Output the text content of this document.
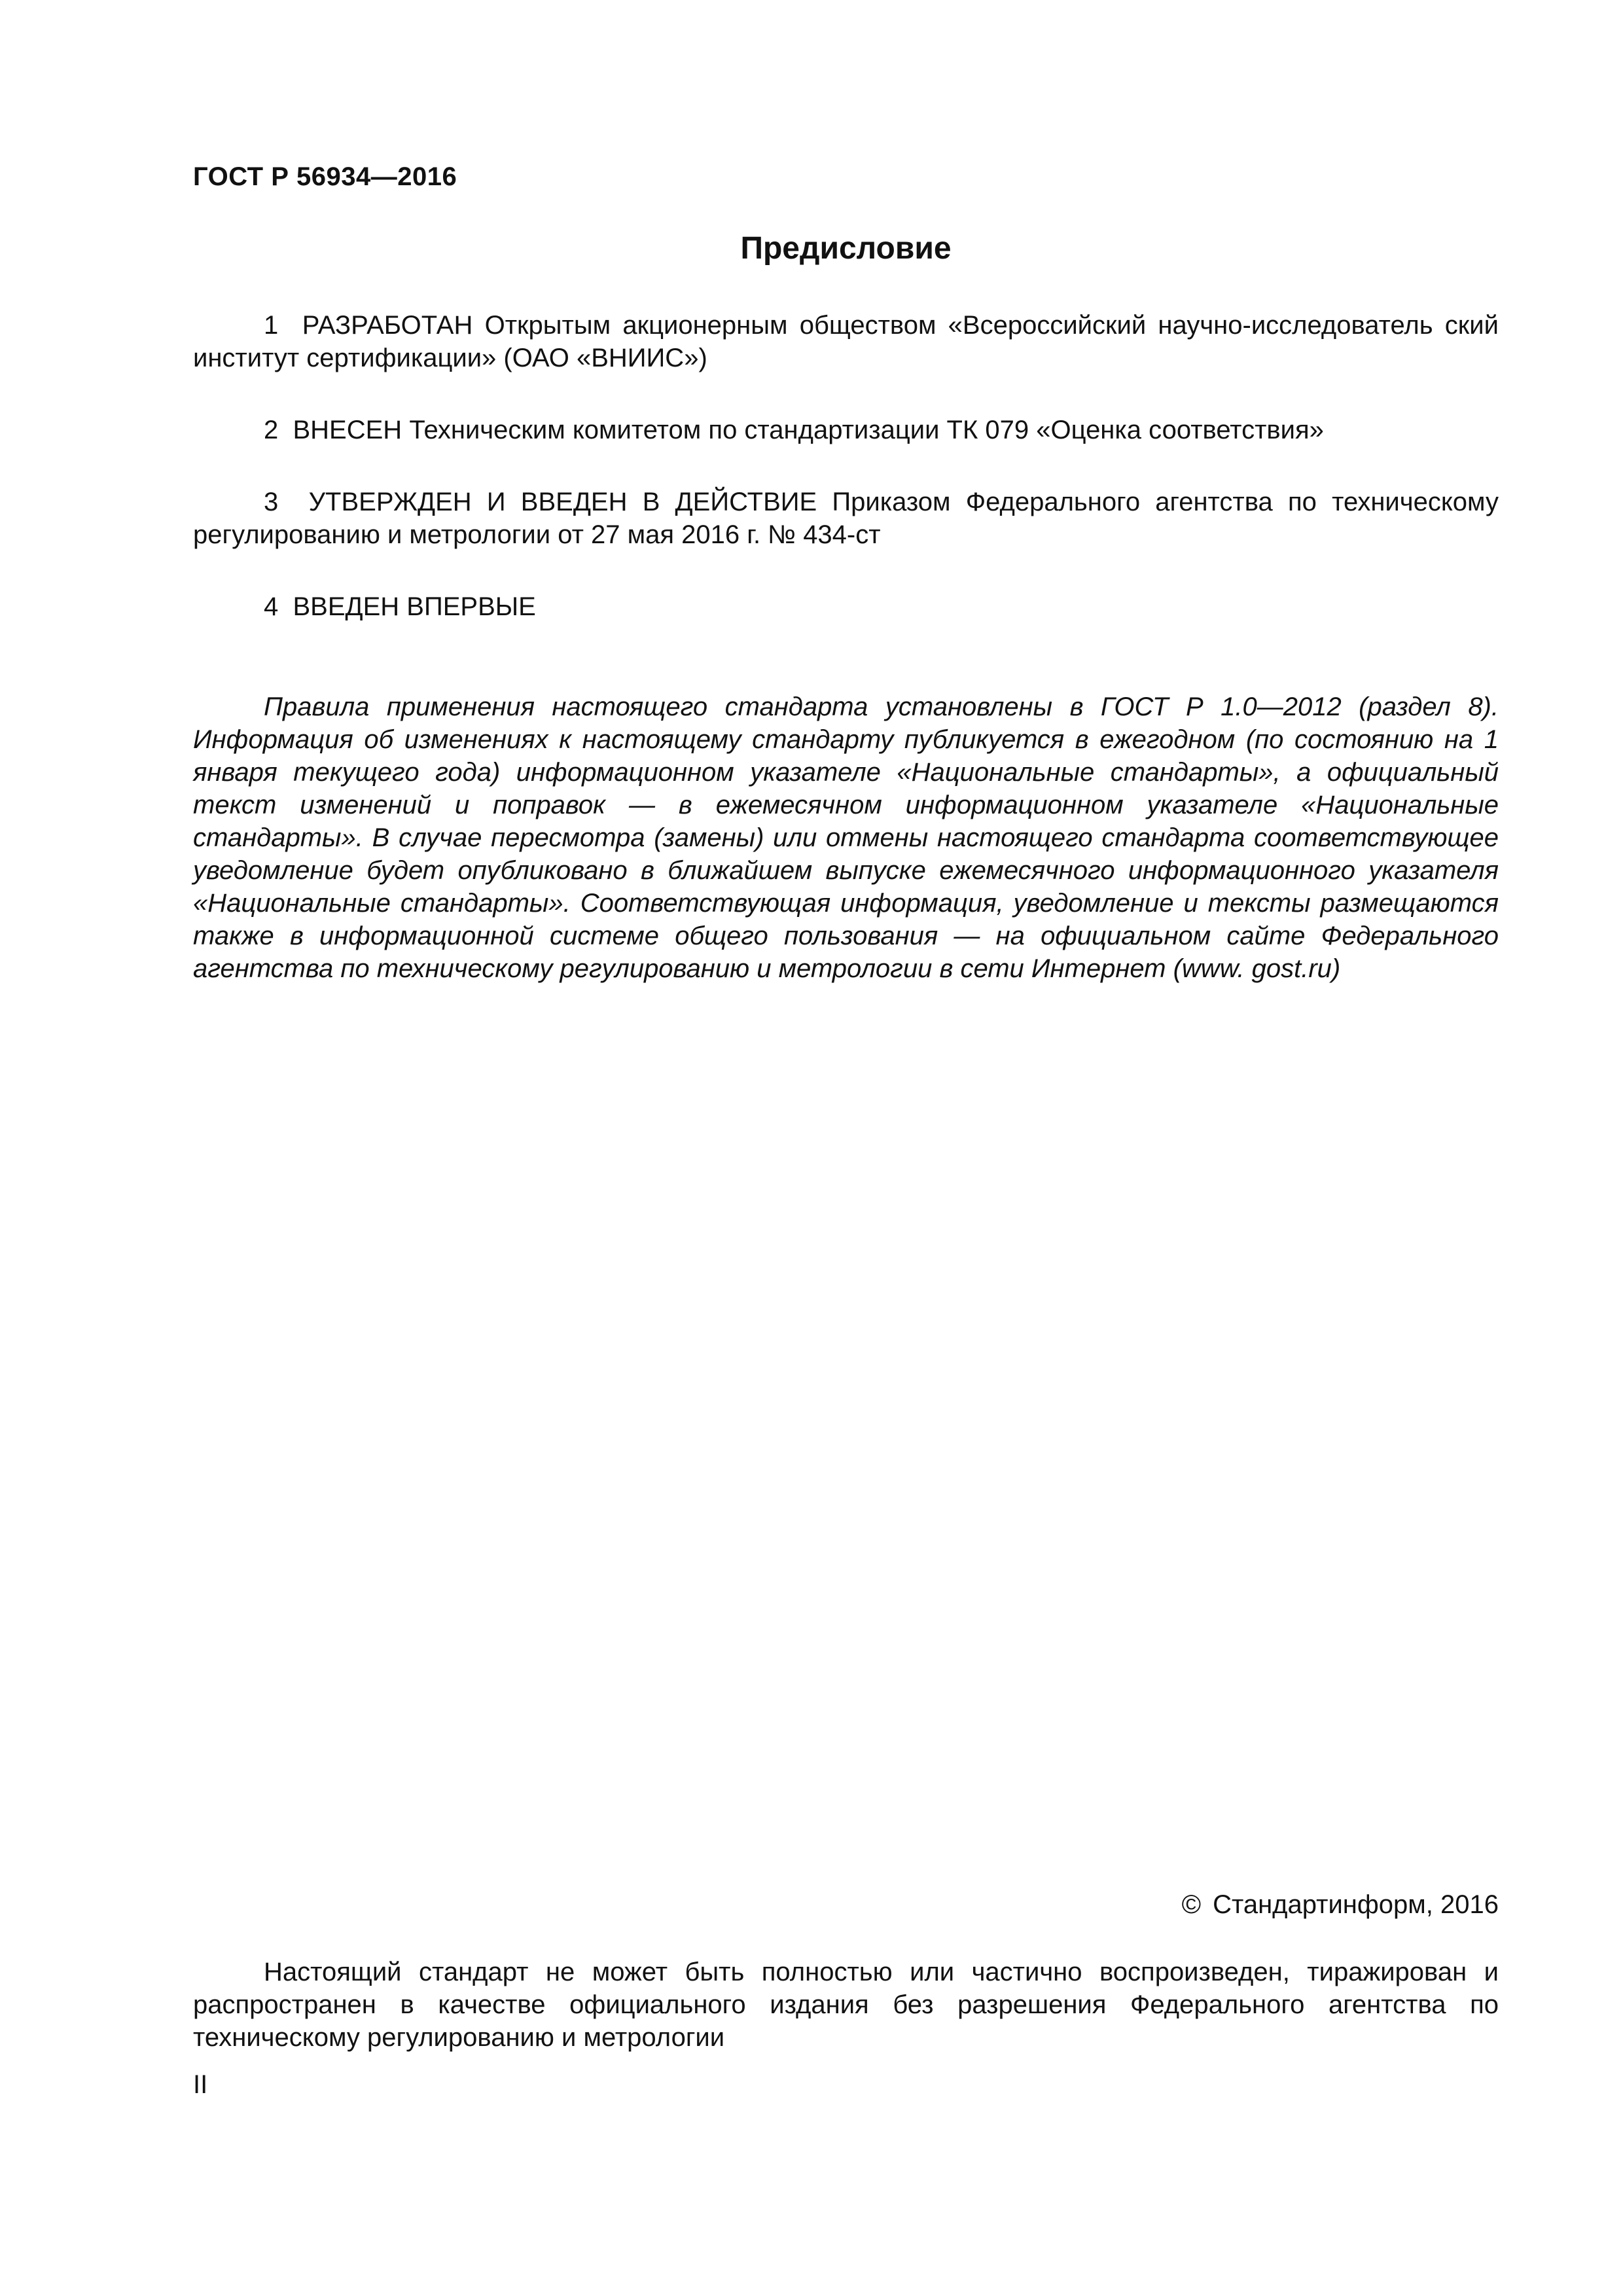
ГОСТ Р 56934—2016

Предисловие

1 РАЗРАБОТАН Открытым акционерным обществом «Всероссийский научно-исследователь ский институт сертификации» (ОАО «ВНИИС»)

2 ВНЕСЕН Техническим комитетом по стандартизации ТК 079 «Оценка соответствия»

3 УТВЕРЖДЕН И ВВЕДЕН В ДЕЙСТВИЕ Приказом Федерального агентства по техническому регулированию и метрологии от 27 мая 2016 г. № 434-ст

4 ВВЕДЕН ВПЕРВЫЕ

Правила применения настоящего стандарта установлены в ГОСТ Р 1.0—2012 (раздел 8). Информация об изменениях к настоящему стандарту публикуется в ежегодном (по состоянию на 1 января текущего года) информационном указателе «Национальные стандарты», а официальный текст изменений и поправок — в ежемесячном информационном указателе «Национальные стандарты». В случае пересмотра (замены) или отмены настоящего стандарта соответствующее уведомление будет опубликовано в ближайшем выпуске ежемесячного информационного указателя «Национальные стандарты». Соответствующая информация, уведомление и тексты размещаются также в информационной системе общего пользования — на официальном сайте Федерального агентства по техническому регулированию и метрологии в сети Интернет (www. gost.ru)

© Стандартинформ, 2016

Настоящий стандарт не может быть полностью или частично воспроизведен, тиражирован и распространен в качестве официального издания без разрешения Федерального агентства по техническому регулированию и метрологии

II
